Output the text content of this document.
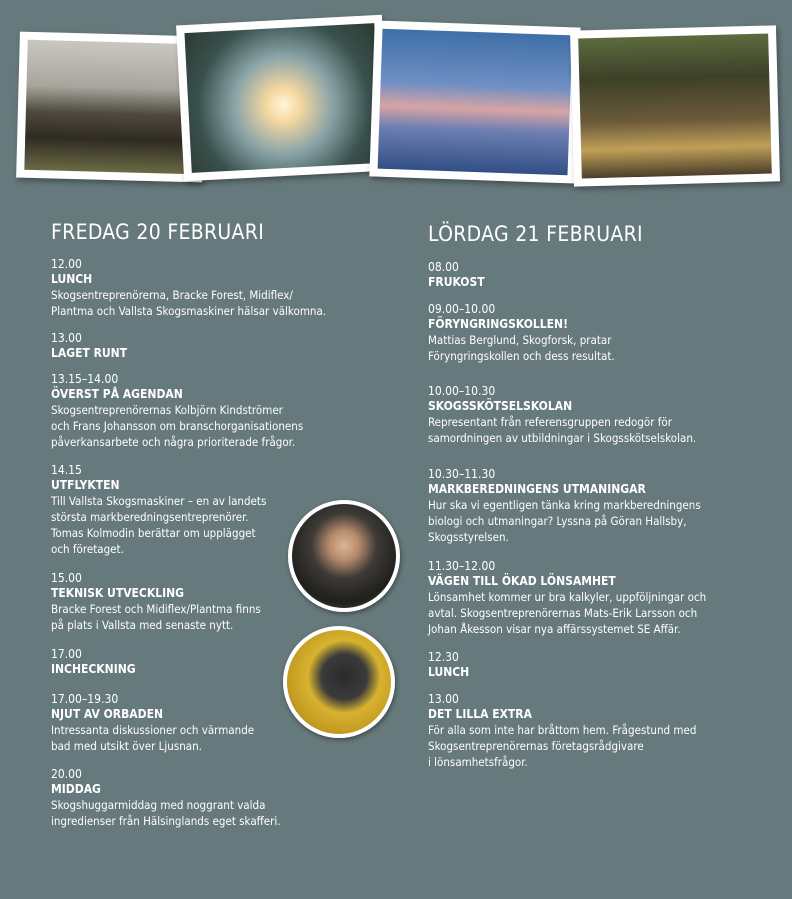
FREDAG 20 FEBRUARI	LÖRDAG 21 FEBRUARI
12.00
LUNCH
Skogsentreprenörerna, Bracke Forest, Midiflex/
Plantma och Vallsta Skogsmaskiner hälsar välkomna.
13.00
LAGET RUNT
13.15–14.00
ÖVERST PÅ AGENDAN
Skogsentreprenörernas Kolbjörn Kindströmer
och Frans Johansson om branschorganisationens
påverkansarbete och några prioriterade frågor.
14.15
UTFLYKTEN
Till Vallsta Skogsmaskiner – en av landets
största markberedningsentreprenörer.
Tomas Kolmodin berättar om upplägget
och företaget.
15.00
TEKNISK UTVECKLING
Bracke Forest och Midiflex/Plantma finns
på plats i Vallsta med senaste nytt.
17.00
INCHECKNING
17.00–19.30
NJUT AV ORBADEN
Intressanta diskussioner och värmande
bad med utsikt över Ljusnan.
20.00
MIDDAG
Skogshuggarmiddag med noggrant valda
ingredienser från Hälsinglands eget skafferi.
08.00
FRUKOST
09.00–10.00
FÖRYNGRINGSKOLLEN!
Mattias Berglund, Skogforsk, pratar
Föryngringskollen och dess resultat.
10.00–10.30
SKOGSSKÖTSELSKOLAN
Representant från referensgruppen redogör för
samordningen av utbildningar i Skogsskötselskolan.
10.30–11.30
MARKBEREDNINGENS UTMANINGAR
Hur ska vi egentligen tänka kring markberedningens
biologi och utmaningar? Lyssna på Göran Hallsby,
Skogsstyrelsen.
11.30–12.00
VÄGEN TILL ÖKAD LÖNSAMHET
Lönsamhet kommer ur bra kalkyler, uppföljningar och
avtal. Skogsentreprenörernas Mats-Erik Larsson och
Johan Åkesson visar nya affärssystemet SE Affär.
12.30
LUNCH
13.00
DET LILLA EXTRA
För alla som inte har bråttom hem. Frågestund med
Skogsentreprenörernas företagsrådgivare
i lönsamhetsfrågor.
